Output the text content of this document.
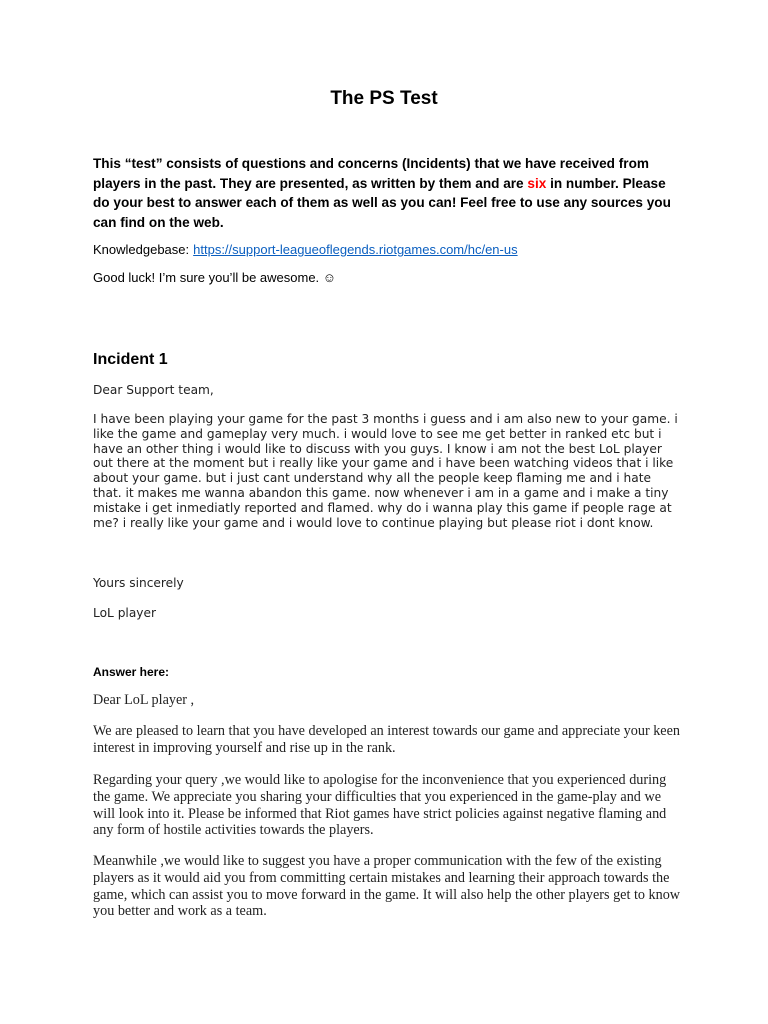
The PS Test

This “test” consists of questions and concerns (Incidents) that we have received from players in the past. They are presented, as written by them and are six in number. Please do your best to answer each of them as well as you can! Feel free to use any sources you can find on the web.

Knowledgebase: https://support-leagueoflegends.riotgames.com/hc/en-us
Good luck! I’m sure you’ll be awesome. ☺
Incident 1

Dear Support team,

I have been playing your game for the past 3 months i guess and i am also new to your game. i like the game and gameplay very much. i would love to see me get better in ranked etc but i have an other thing i would like to discuss with you guys. I know i am not the best LoL player out there at the moment but i really like your game and i have been watching videos that i like about your game. but i just cant understand why all the people keep flaming me and i hate that. it makes me wanna abandon this game. now whenever i am in a game and i make a tiny mistake i get inmediatly reported and flamed. why do i wanna play this game if people rage at me? i really like your game and i would love to continue playing but please riot i dont know.

Yours sincerely

LoL player

Answer here:

Dear LoL player ,

We are pleased to learn that you have developed an interest towards our game and appreciate your keen interest in improving yourself and rise up in the rank.

Regarding your query ,we would like to apologise for the inconvenience that you experienced during the game. We appreciate you sharing your difficulties that you experienced in the game-play and we will look into it. Please be informed that Riot games have strict policies against negative flaming and any form of hostile activities towards the players.

Meanwhile ,we would like to suggest you have a proper communication with the few of the existing players as it would aid you from committing certain mistakes and learning their approach towards the game, which can assist you to move forward in the game. It will also help the other players get to know you better and work as a team.
